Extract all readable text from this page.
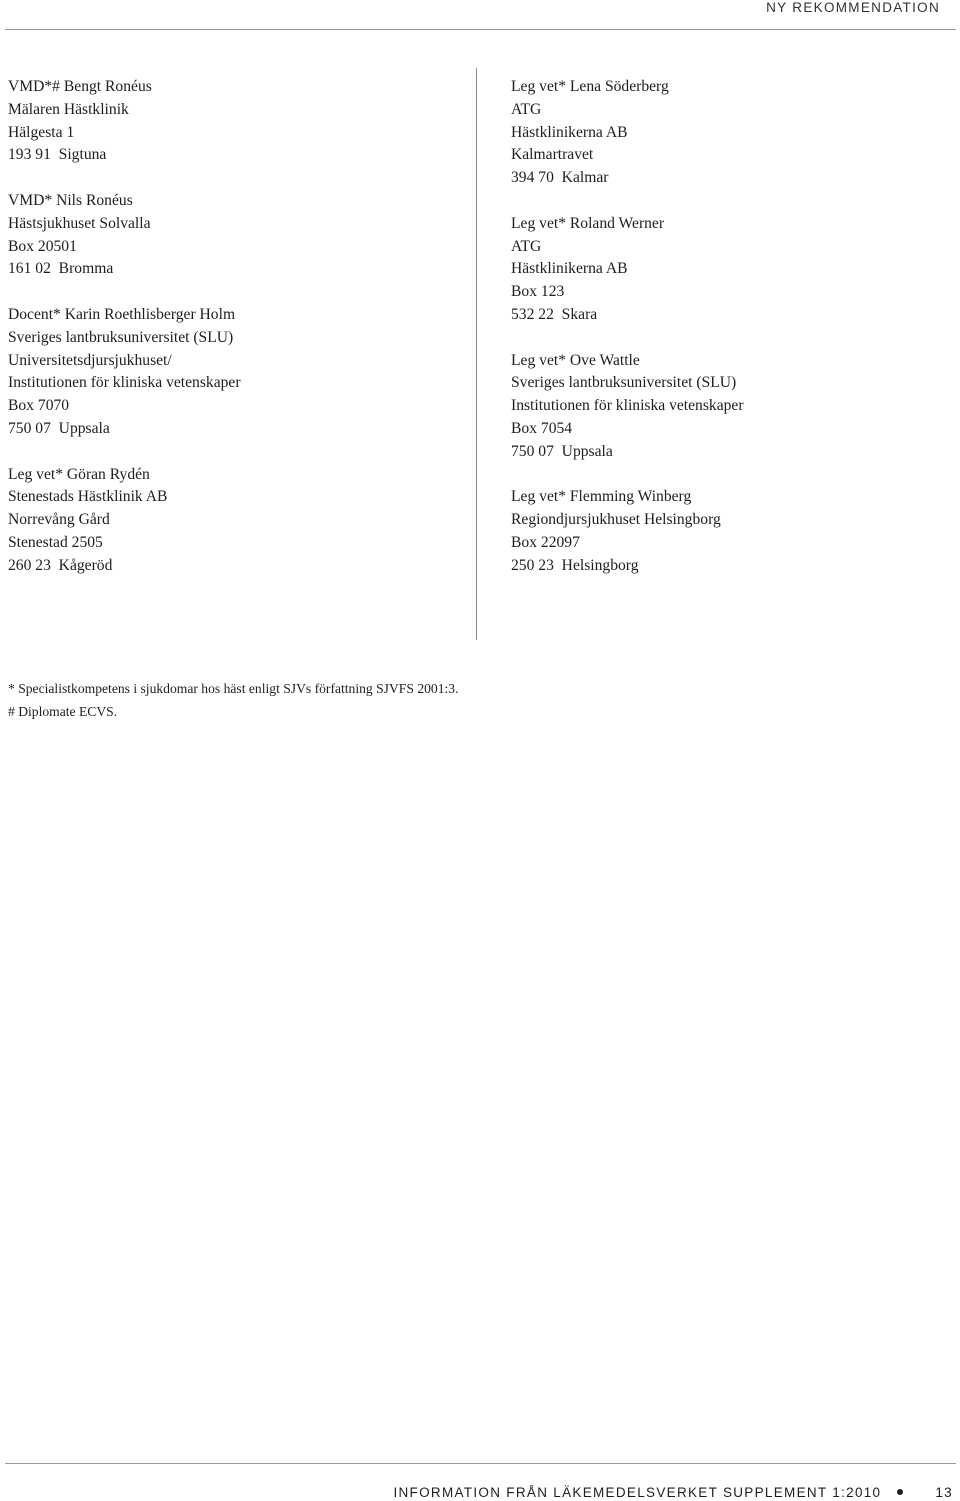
NY REKOMMENDATION
VMD*# Bengt Ronéus
Mälaren Hästklinik
Hälgesta 1
193 91  Sigtuna
VMD* Nils Ronéus
Hästsjukhuset Solvalla
Box 20501
161 02  Bromma
Docent* Karin Roethlisberger Holm
Sveriges lantbruksuniversitet (SLU)
Universitetsdjursjukhuset/
Institutionen för kliniska vetenskaper
Box 7070
750 07  Uppsala
Leg vet* Göran Rydén
Stenestads Hästklinik AB
Norrevång Gård
Stenestad 2505
260 23  Kågeröd
Leg vet* Lena Söderberg
ATG
Hästklinikerna AB
Kalmartravet
394 70  Kalmar
Leg vet* Roland Werner
ATG
Hästklinikerna AB
Box 123
532 22  Skara
Leg vet* Ove Wattle
Sveriges lantbruksuniversitet (SLU)
Institutionen för kliniska vetenskaper
Box 7054
750 07  Uppsala
Leg vet* Flemming Winberg
Regiondjursjukhuset Helsingborg
Box 22097
250 23  Helsingborg
* Specialistkompetens i sjukdomar hos häst enligt SJVs författning SJVFS 2001:3.
# Diplomate ECVS.
INFORMATION FRÅN LÄKEMEDELSVERKET SUPPLEMENT 1:2010	13
